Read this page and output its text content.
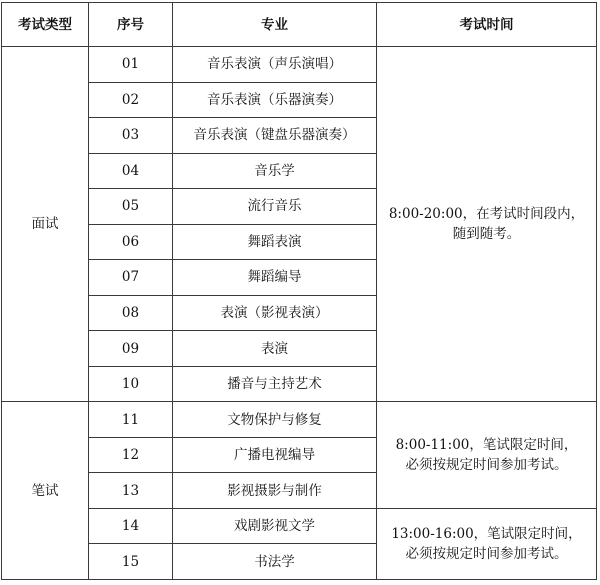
考试类型	序号	专业	考试时间
面试	01	音乐表演（声乐演唱）	8:00-20:00，在考试时间段内，
随到随考。

	02	音乐表演（乐器演奏）	
	03	音乐表演（键盘乐器演奏）	
	04	音乐学	
	05	流行音乐	
	06	舞蹈表演	
	07	舞蹈编导	
	08	表演（影视表演）	
	09	表演	
	10	播音与主持艺术	
笔试	11	文物保护与修复	8:00-11:00，笔试限定时间，
必须按规定时间参加考试。

	12	广播电视编导	
	13	影视摄影与制作	
	14	戏剧影视文学	13:00-16:00，笔试限定时间，
必须按规定时间参加考试。

	15	书法学	
